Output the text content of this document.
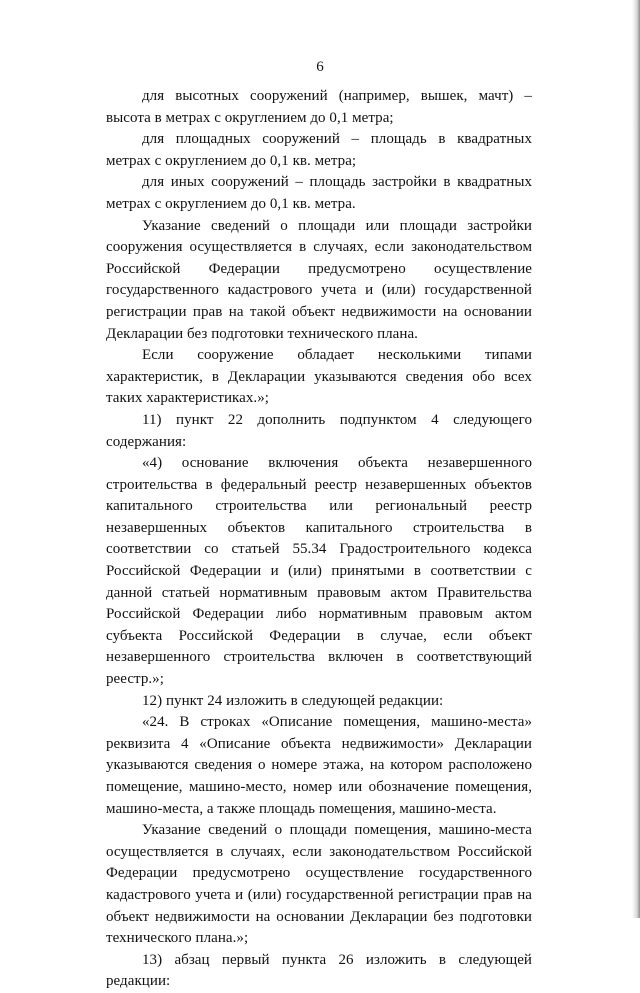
6

для высотных сооружений (например, вышек, мачт) – высота в метрах с округлением до 0,1 метра;

для площадных сооружений – площадь в квадратных метрах с округлением до 0,1 кв. метра;

для иных сооружений – площадь застройки в квадратных метрах с округлением до 0,1 кв. метра.

Указание сведений о площади или площади застройки сооружения осуществляется в случаях, если законодательством Российской Федерации предусмотрено осуществление государственного кадастрового учета и (или) государственной регистрации прав на такой объект недвижимости на основании Декларации без подготовки технического плана.

Если сооружение обладает несколькими типами характеристик, в Декларации указываются сведения обо всех таких характеристиках.»;

11) пункт 22 дополнить подпунктом 4 следующего содержания:

«4) основание включения объекта незавершенного строительства в федеральный реестр незавершенных объектов капитального строительства или региональный реестр незавершенных объектов капитального строительства в соответствии со статьей 55.34 Градостроительного кодекса Российской Федерации и (или) принятыми в соответствии с данной статьей нормативным правовым актом Правительства Российской Федерации либо нормативным правовым актом субъекта Российской Федерации в случае, если объект незавершенного строительства включен в соответствующий реестр.»;

12) пункт 24 изложить в следующей редакции:

«24. В строках «Описание помещения, машино-места» реквизита 4 «Описание объекта недвижимости» Декларации указываются сведения о номере этажа, на котором расположено помещение, машино-место, номер или обозначение помещения, машино-места, а также площадь помещения, машино-места.

Указание сведений о площади помещения, машино-места осуществляется в случаях, если законодательством Российской Федерации предусмотрено осуществление государственного кадастрового учета и (или) государственной регистрации прав на объект недвижимости на основании Декларации без подготовки технического плана.»;

13) абзац первый пункта 26 изложить в следующей редакции:
